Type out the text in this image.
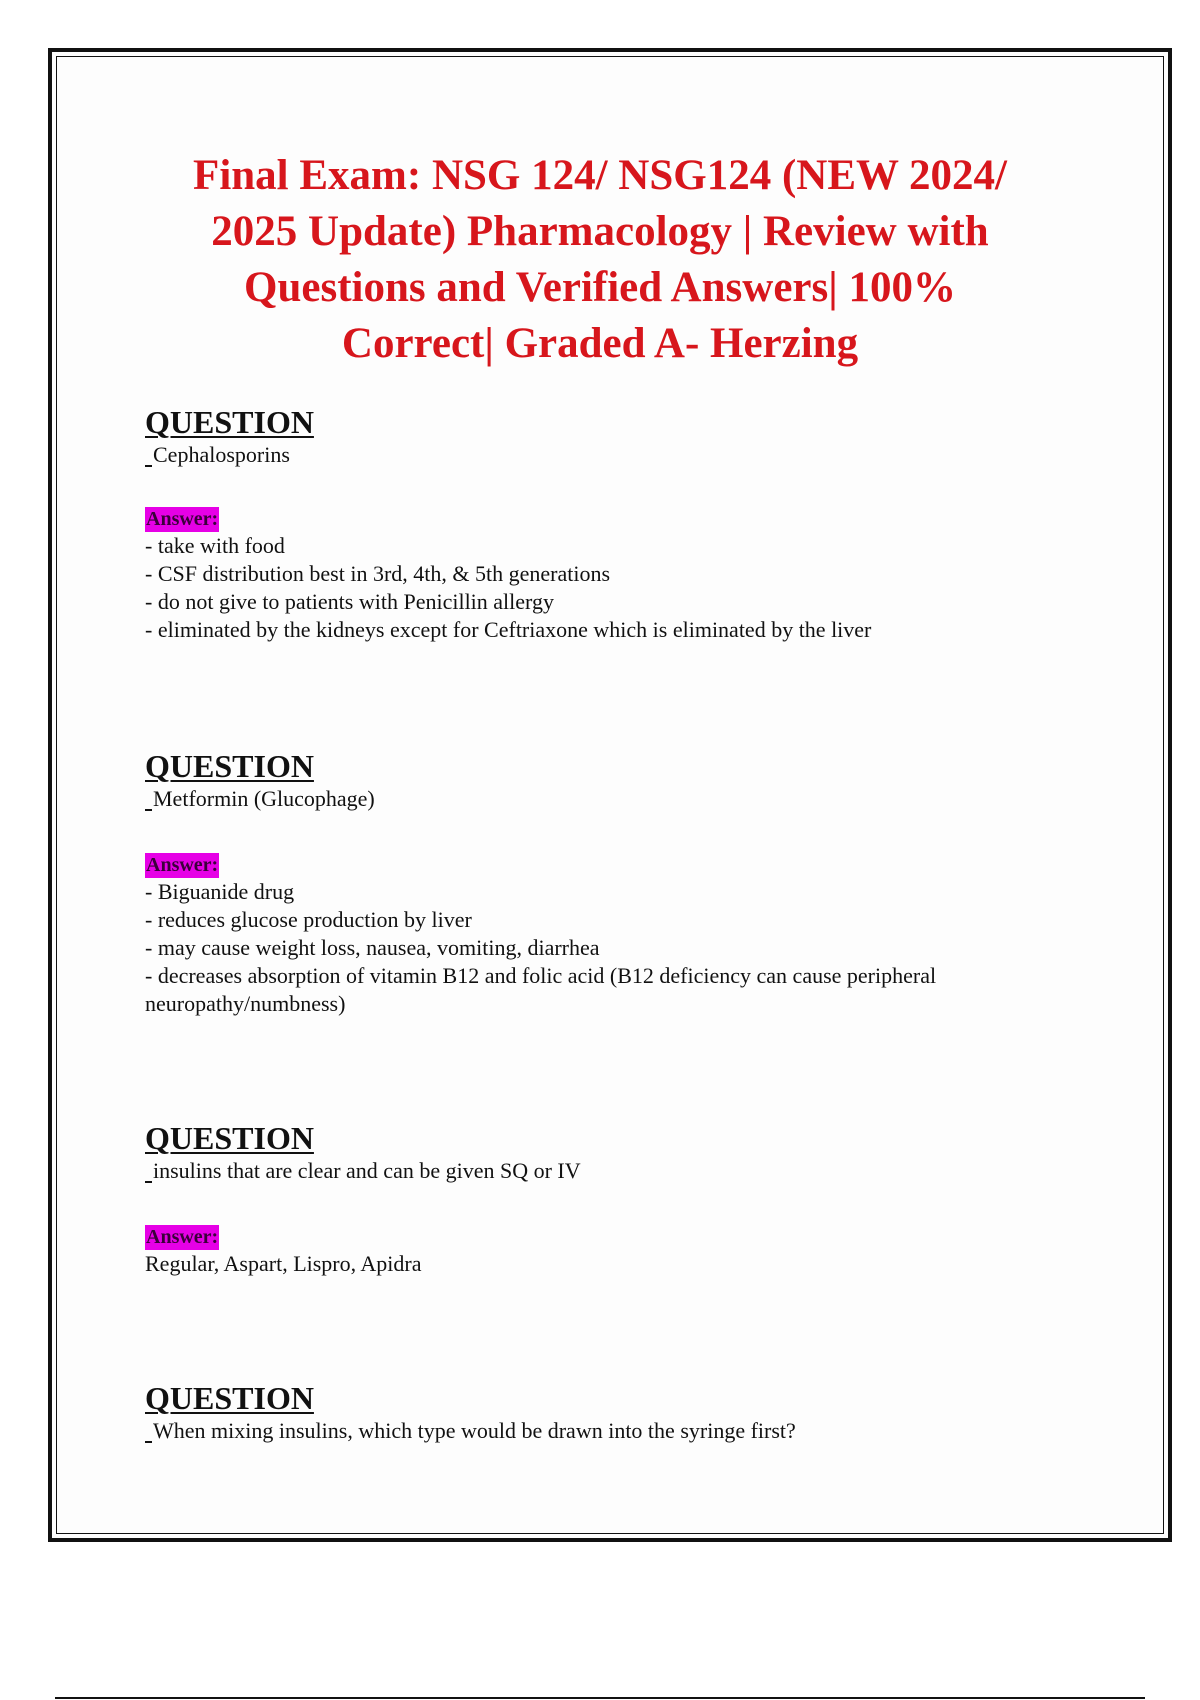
Final Exam: NSG 124/ NSG124 (NEW 2024/
2025 Update) Pharmacology | Review with
Questions and Verified Answers| 100%
Correct| Graded A- Herzing
QUESTION
Cephalosporins
Answer:
- take with food
- CSF distribution best in 3rd, 4th, & 5th generations
- do not give to patients with Penicillin allergy
- eliminated by the kidneys except for Ceftriaxone which is eliminated by the liver
QUESTION
Metformin (Glucophage)
Answer:
- Biguanide drug
- reduces glucose production by liver
- may cause weight loss, nausea, vomiting, diarrhea
- decreases absorption of vitamin B12 and folic acid (B12 deficiency can cause peripheral neuropathy/numbness)
QUESTION
insulins that are clear and can be given SQ or IV
Answer:
Regular, Aspart, Lispro, Apidra
QUESTION
When mixing insulins, which type would be drawn into the syringe first?
